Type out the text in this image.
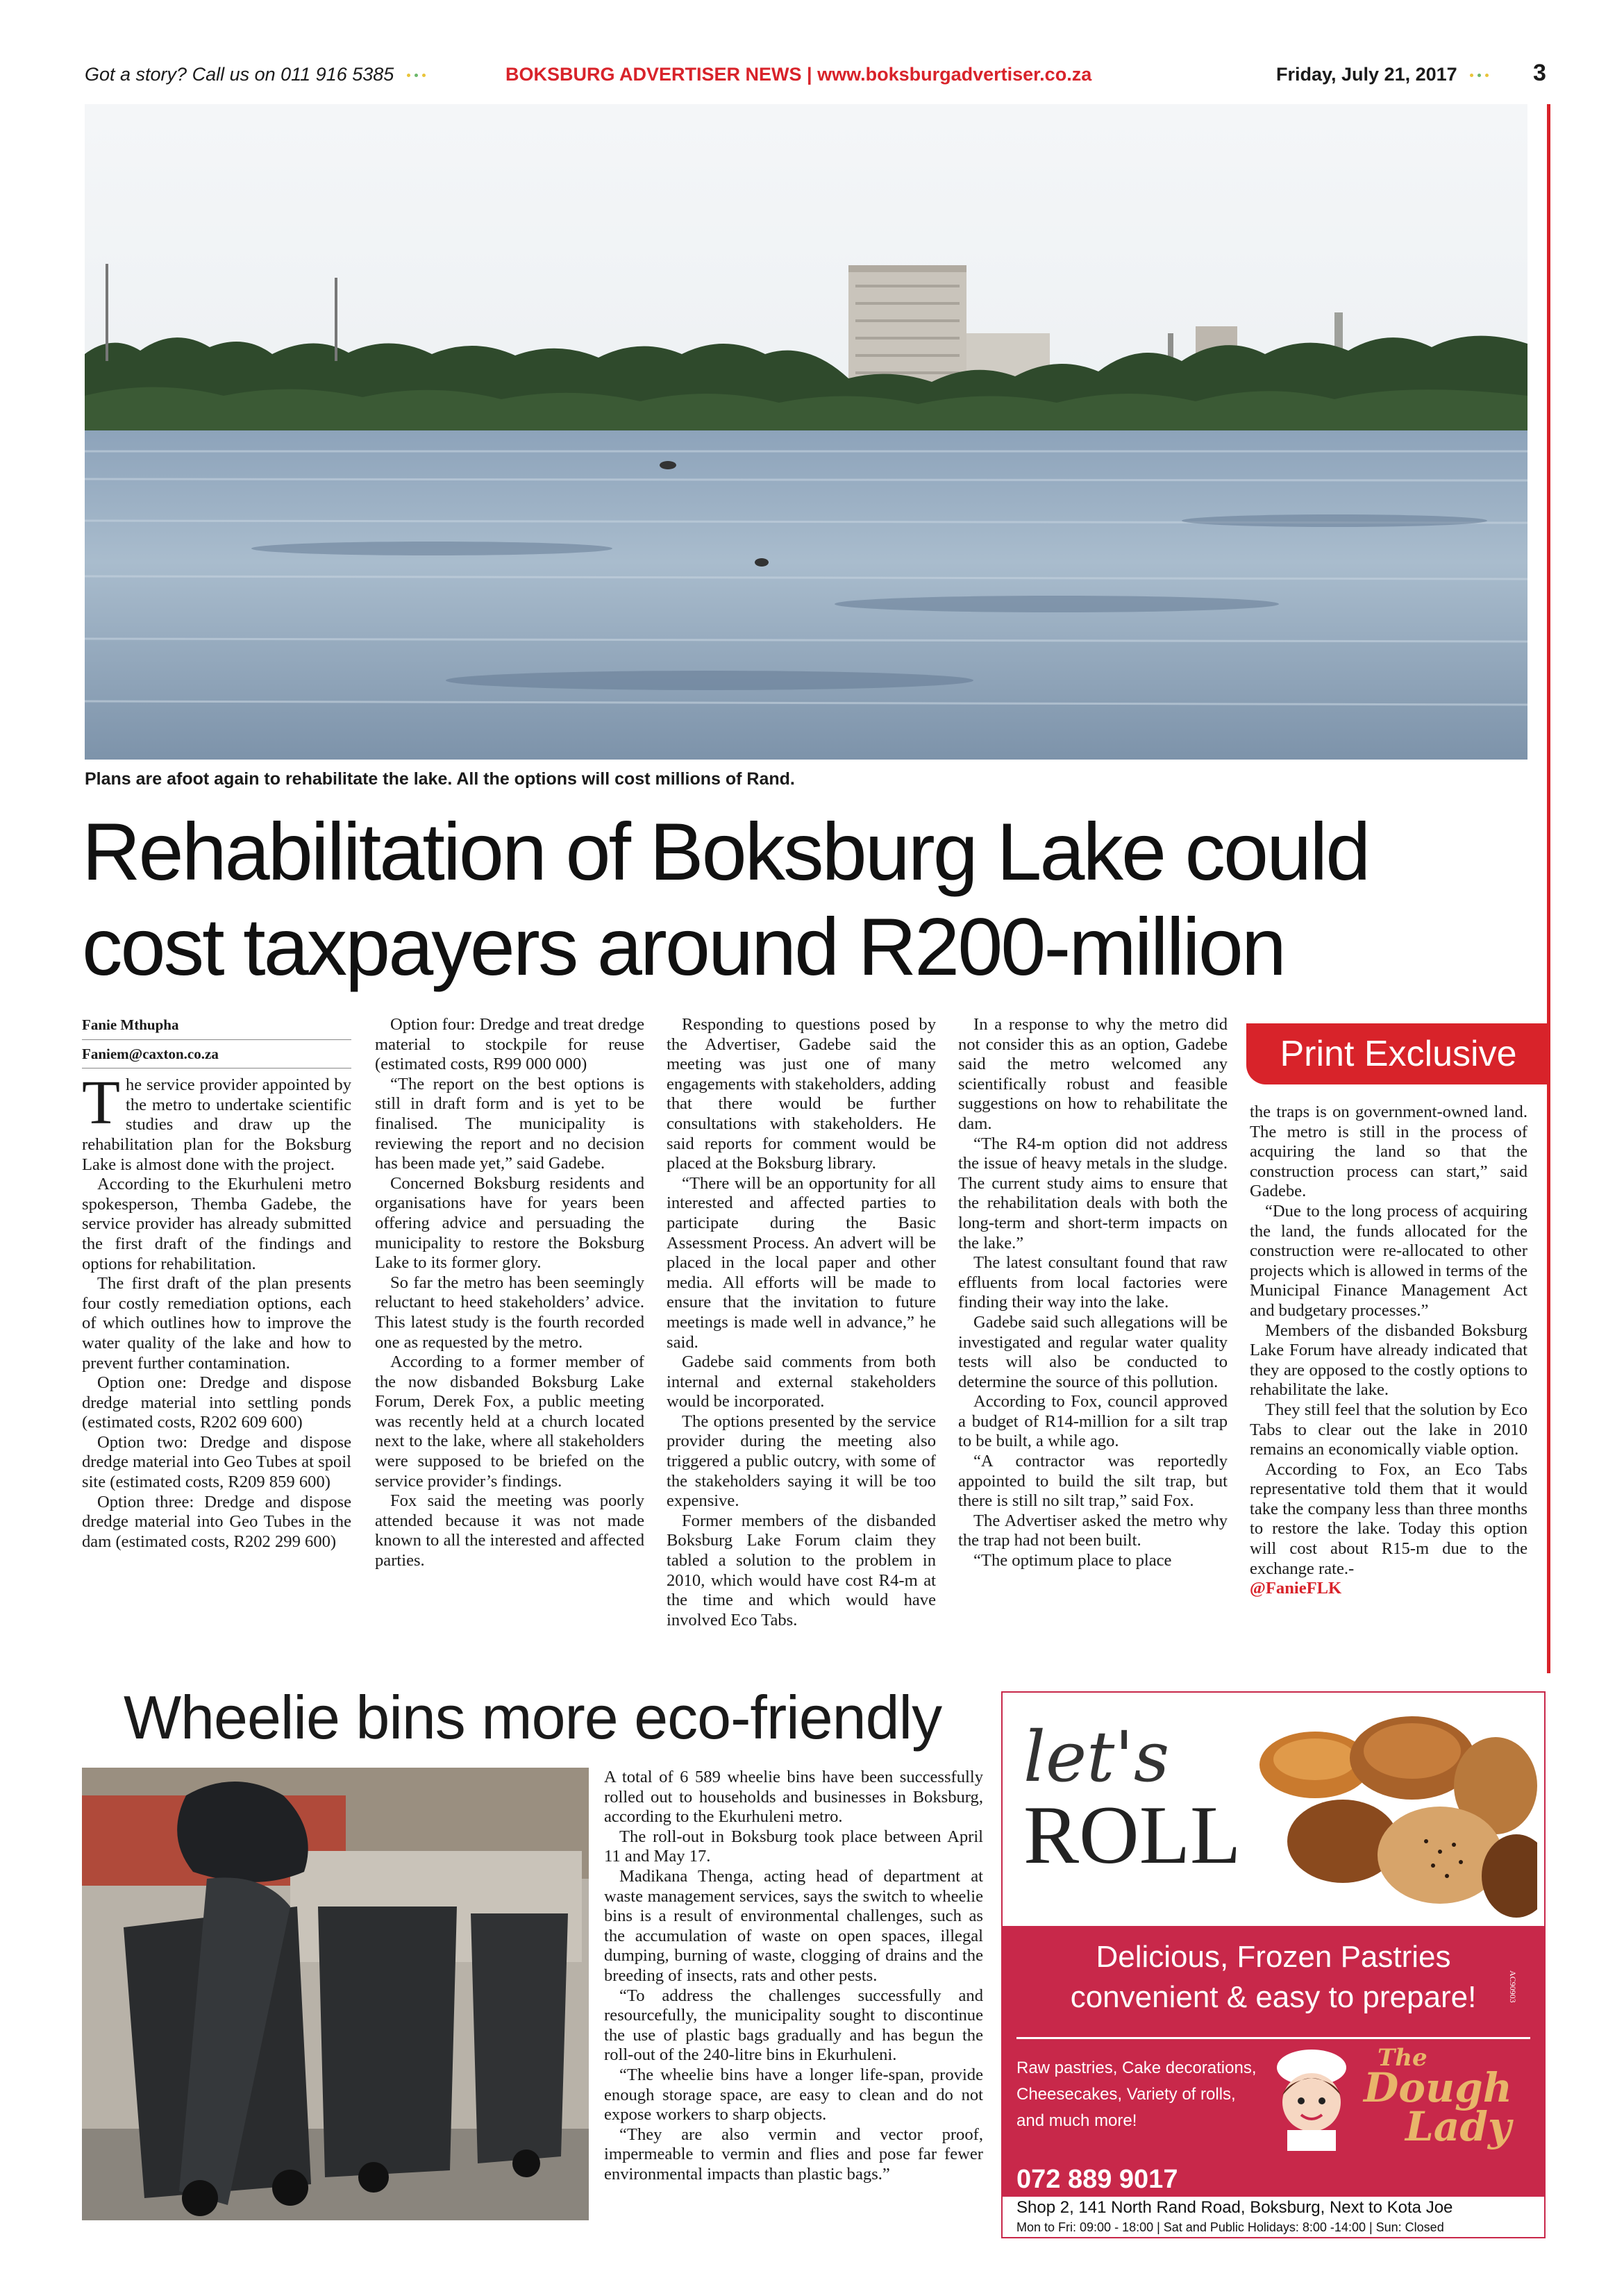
Got a story? Call us on 011 916 5385	BOKSBURG ADVERTISER NEWS | www.boksburgadvertiser.co.za	Friday, July 21, 2017	3
Plans are afoot again to rehabilitate the lake. All the options will cost millions of Rand.
Rehabilitation of Boksburg Lake could
cost taxpayers around R200-million
Fanie Mthupha
Faniem@caxton.co.za

The service provider appointed by the metro to undertake scientific studies and draw up the rehabilitation plan for the Boksburg Lake is almost done with the project.

According to the Ekurhuleni metro spokesperson, Themba Gadebe, the service provider has already submitted the first draft of the findings and options for rehabilitation.

The first draft of the plan presents four costly remediation options, each of which outlines how to improve the water quality of the lake and how to prevent further contamination.

Option one: Dredge and dispose dredge material into settling ponds (estimated costs, R202 609 600)

Option two: Dredge and dispose dredge material into Geo Tubes at spoil site (estimated costs, R209 859 600)

Option three: Dredge and dispose dredge material into Geo Tubes in the dam (estimated costs, R202 299 600)

Option four: Dredge and treat dredge material to stockpile for reuse (estimated costs, R99 000 000)

“The report on the best options is still in draft form and is yet to be finalised. The municipality is reviewing the report and no decision has been made yet,” said Gadebe.

Concerned Boksburg residents and organisations have for years been offering advice and persuading the municipality to restore the Boksburg Lake to its former glory.

So far the metro has been seemingly reluctant to heed stakeholders’ advice. This latest study is the fourth recorded one as requested by the metro.

According to a former member of the now disbanded Boksburg Lake Forum, Derek Fox, a public meeting was recently held at a church located next to the lake, where all stakeholders were supposed to be briefed on the service provider’s findings.

Fox said the meeting was poorly attended because it was not made known to all the interested and affected parties.

Responding to questions posed by the Advertiser, Gadebe said the meeting was just one of many engagements with stakeholders, adding that there would be further consultations with stakeholders. He said reports for comment would be placed at the Boksburg library.

“There will be an opportunity for all interested and affected parties to participate during the Basic Assessment Process. An advert will be placed in the local paper and other media. All efforts will be made to ensure that the invitation to future meetings is made well in advance,” he said.

Gadebe said comments from both internal and external stakeholders would be incorporated.

The options presented by the service provider during the meeting also triggered a public outcry, with some of the stakeholders saying it will be too expensive.

Former members of the disbanded Boksburg Lake Forum claim they tabled a solution to the problem in 2010, which would have cost R4-m at the time and which would have involved Eco Tabs.

In a response to why the metro did not consider this as an option, Gadebe said the metro welcomed any scientifically robust and feasible suggestions on how to rehabilitate the dam.

“The R4-m option did not address the issue of heavy metals in the sludge. The current study aims to ensure that the rehabilitation deals with both the long-term and short-term impacts on the lake.”

The latest consultant found that raw effluents from local factories were finding their way into the lake.

Gadebe said such allegations will be investigated and regular water quality tests will also be conducted to determine the source of this pollution.

According to Fox, council approved a budget of R14-million for a silt trap to be built, a while ago.

“A contractor was reportedly appointed to build the silt trap, but there is still no silt trap,” said Fox.

The Advertiser asked the metro why the trap had not been built.

“The optimum place to place

Print Exclusive

the traps is on government-owned land. The metro is still in the process of acquiring the land so that the construction process can start,” said Gadebe.

“Due to the long process of acquiring the land, the funds allocated for the construction were re-allocated to other projects which is allowed in terms of the Municipal Finance Management Act and budgetary processes.”

Members of the disbanded Boksburg Lake Forum have already indicated that they are opposed to the costly options to rehabilitate the lake.

They still feel that the solution by Eco Tabs to clear out the lake in 2010 remains an economically viable option.

According to Fox, an Eco Tabs representative told them that it would take the company less than three months to restore the lake. Today this option will cost about R15-m due to the exchange rate.-

@FanieFLK

Wheelie bins more eco-friendly

A total of 6 589 wheelie bins have been successfully rolled out to households and businesses in Boksburg, according to the Ekurhuleni metro.

The roll-out in Boksburg took place between April 11 and May 17.

Madikana Thenga, acting head of department at waste management services, says the switch to wheelie bins is a result of environmental challenges, such as the accumulation of waste on open spaces, illegal dumping, burning of waste, clogging of drains and the breeding of insects, rats and other pests.

“To address the challenges successfully and resourcefully, the municipality sought to discontinue the use of plastic bags gradually and has begun the roll-out of the 240-litre bins in Ekurhuleni.

“The wheelie bins have a longer life-span, provide enough storage space, are easy to clean and do not expose workers to sharp objects.

“They are also vermin and vector proof, impermeable to vermin and flies and pose far fewer environmental impacts than plastic bags.”

let's
ROLL
Delicious, Frozen Pastries
convenient & easy to prepare!	AC90903
Raw pastries, Cake decorations,
Cheesecakes, Variety of rolls,
and much more!
The
Dough
Lady
072 889 9017
Shop 2, 141 North Rand Road, Boksburg, Next to Kota Joe
Mon to Fri: 09:00 - 18:00 | Sat and Public Holidays: 8:00 -14:00 | Sun: Closed
